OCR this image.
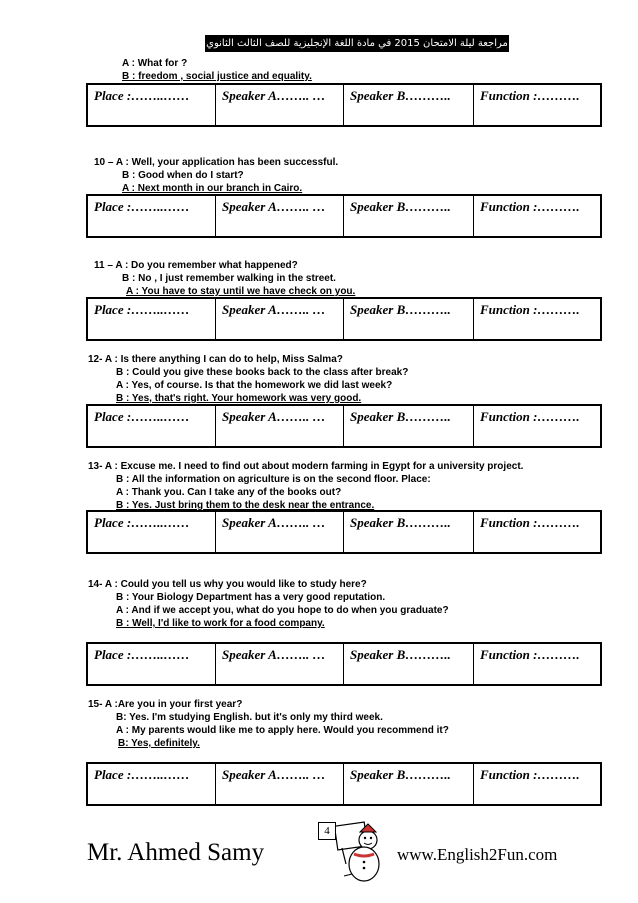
مراجعة ليلة الامتحان 2015 في مادة اللغة الإنجليزية للصف الثالث الثانوي
A : What for ?
B : freedom , social justice and equality.
Place :……..……	Speaker A…….. …	Speaker B………..	Function :……….
10 – A : Well, your application has been successful.
B : Good when do I start?
A : Next month in our branch in Cairo.
Place :……..……	Speaker A…….. …	Speaker B………..	Function :……….
11 – A : Do you remember what happened?
B : No , I just remember walking in the street.
A : You have to stay until we have check on you.
Place :……..……	Speaker A…….. …	Speaker B………..	Function :……….
12- A : Is there anything I can do to help, Miss Salma?
B : Could you give these books back to the class after break?
A : Yes, of course. Is that the homework we did last week?
B : Yes, that's right. Your homework was very good.
Place :……..……	Speaker A…….. …	Speaker B………..	Function :……….
13- A : Excuse me. I need to find out about modern farming in Egypt for a university project.
B : All the information on agriculture is on the second floor. Place:
A : Thank you. Can I take any of the books out?
B : Yes. Just bring them to the desk near the entrance.
Place :……..……	Speaker A…….. …	Speaker B………..	Function :……….
14- A : Could you tell us why you would like to study here?
B : Your Biology Department has a very good reputation.
A : And if we accept you, what do you hope to do when you graduate?
B : Well, I'd like to work for a food company.
Place :……..……	Speaker A…….. …	Speaker B………..	Function :……….
15- A :Are you in your first year?
B: Yes. I'm studying English. but it's only my third week.
A : My parents would like me to apply here. Would you recommend it?
B: Yes, definitely.
Place :……..……	Speaker A…….. …	Speaker B………..	Function :……….
4
Mr. Ahmed Samy	www.English2Fun.com
